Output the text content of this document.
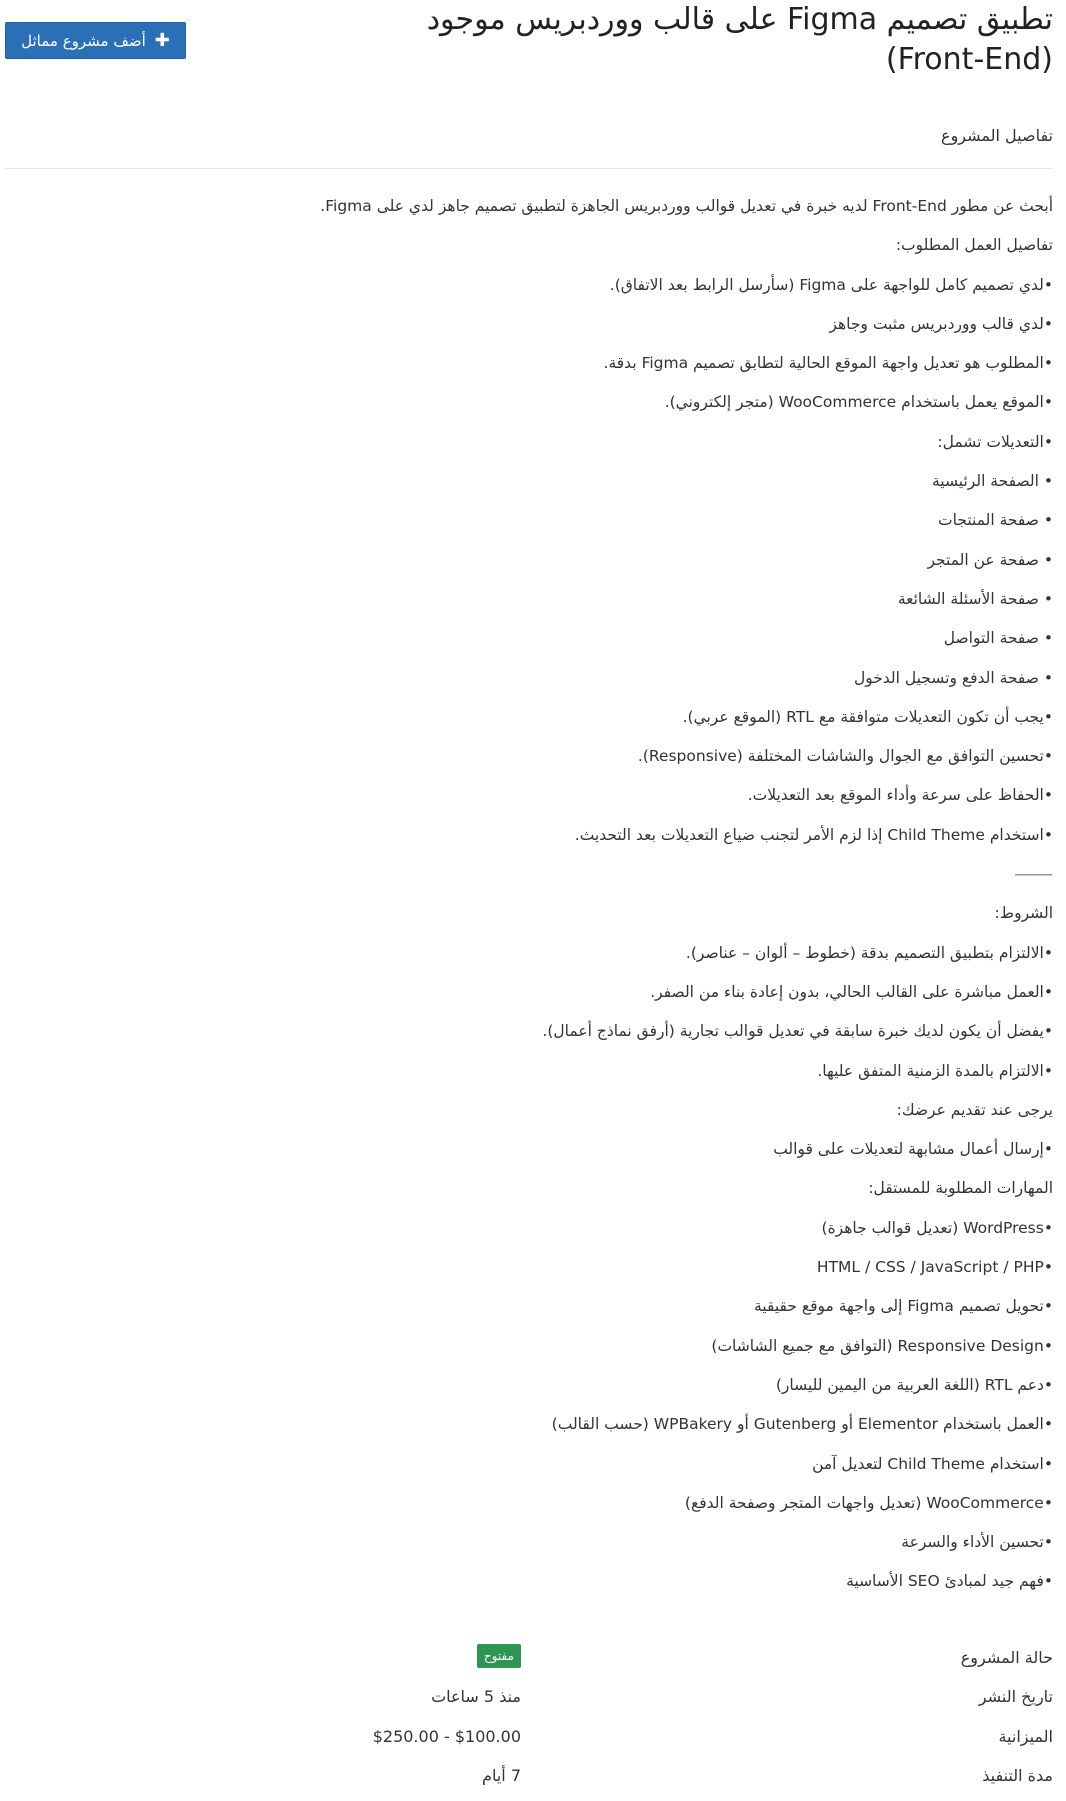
تطبيق تصميم Figma على قالب ووردبريس موجود (Front-End)
✚
أضف مشروع مماثل
تفاصيل المشروع
أبحث عن مطور Front-End لديه خبرة في تعديل قوالب ووردبريس الجاهزة لتطبيق تصميم جاهز لدي على Figma.
تفاصيل العمل المطلوب:
•لدي تصميم كامل للواجهة على Figma (سأرسل الرابط بعد الاتفاق).
•لدي قالب ووردبريس مثبت وجاهز
•المطلوب هو تعديل واجهة الموقع الحالية لتطابق تصميم Figma بدقة.
•الموقع يعمل باستخدام WooCommerce (متجر إلكتروني).
•التعديلات تشمل:
• الصفحة الرئيسية
• صفحة المنتجات
• صفحة عن المتجر
• صفحة الأسئلة الشائعة
• صفحة التواصل
• صفحة الدفع وتسجيل الدخول
•يجب أن تكون التعديلات متوافقة مع RTL (الموقع عربي).
•تحسين التوافق مع الجوال والشاشات المختلفة (Responsive).
•الحفاظ على سرعة وأداء الموقع بعد التعديلات.
•استخدام Child Theme إذا لزم الأمر لتجنب ضياع التعديلات بعد التحديث.
⸻
الشروط:
•الالتزام بتطبيق التصميم بدقة (خطوط – ألوان – عناصر).
•العمل مباشرة على القالب الحالي، بدون إعادة بناء من الصفر.
•يفضل أن يكون لديك خبرة سابقة في تعديل قوالب تجارية (أرفق نماذج أعمال).
•الالتزام بالمدة الزمنية المتفق عليها.
يرجى عند تقديم عرضك:
•إرسال أعمال مشابهة لتعديلات على قوالب
المهارات المطلوبة للمستقل:
•WordPress (تعديل قوالب جاهزة)
•HTML / CSS / JavaScript / PHP
•تحويل تصميم Figma إلى واجهة موقع حقيقية
•Responsive Design (التوافق مع جميع الشاشات)
•دعم RTL (اللغة العربية من اليمين لليسار)
•العمل باستخدام Elementor أو Gutenberg أو WPBakery (حسب القالب)
•استخدام Child Theme لتعديل آمن
•WooCommerce (تعديل واجهات المتجر وصفحة الدفع)
•تحسين الأداء والسرعة
•فهم جيد لمبادئ SEO الأساسية
حالة المشروع
مفتوح
تاريخ النشر
منذ 5 ساعات
الميزانية
$100.00 - $250.00
مدة التنفيذ
7 أيام
